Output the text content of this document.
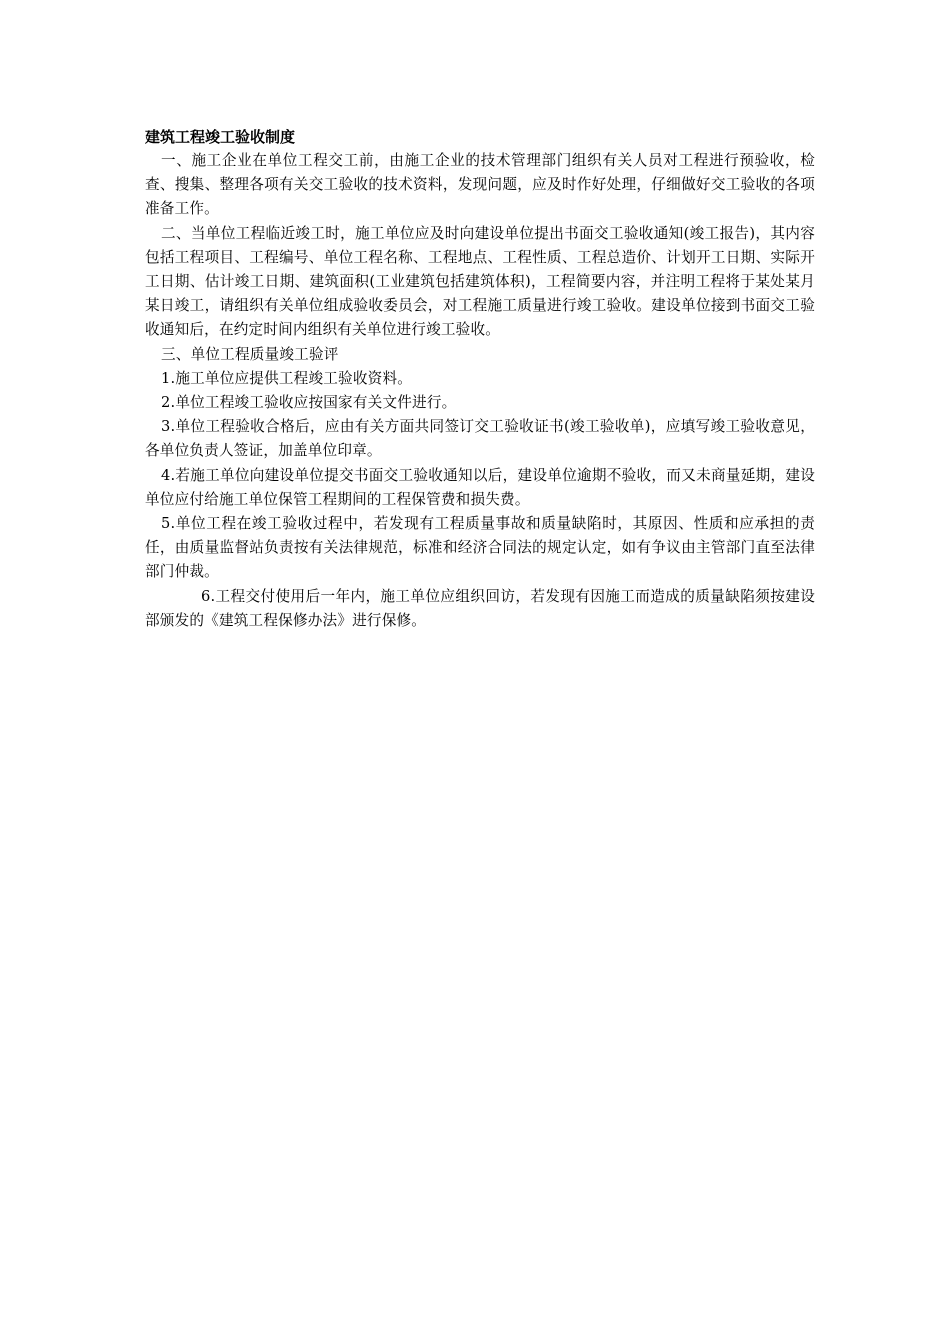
建筑工程竣工验收制度

一、施工企业在单位工程交工前，由施工企业的技术管理部门组织有关人员对工程进行预验收，检查、搜集、整理各项有关交工验收的技术资料，发现问题，应及时作好处理，仔细做好交工验收的各项准备工作。

二、当单位工程临近竣工时，施工单位应及时向建设单位提出书面交工验收通知(竣工报告)，其内容包括工程项目、工程编号、单位工程名称、工程地点、工程性质、工程总造价、计划开工日期、实际开工日期、估计竣工日期、建筑面积(工业建筑包括建筑体积)，工程简要内容，并注明工程将于某处某月某日竣工，请组织有关单位组成验收委员会，对工程施工质量进行竣工验收。建设单位接到书面交工验收通知后，在约定时间内组织有关单位进行竣工验收。

三、单位工程质量竣工验评

1.施工单位应提供工程竣工验收资料。

2.单位工程竣工验收应按国家有关文件进行。

3.单位工程验收合格后，应由有关方面共同签订交工验收证书(竣工验收单)，应填写竣工验收意见，各单位负责人签证，加盖单位印章。

4.若施工单位向建设单位提交书面交工验收通知以后，建设单位逾期不验收，而又未商量延期，建设单位应付给施工单位保管工程期间的工程保管费和损失费。

5.单位工程在竣工验收过程中，若发现有工程质量事故和质量缺陷时，其原因、性质和应承担的责任，由质量监督站负责按有关法律规范，标准和经济合同法的规定认定，如有争议由主管部门直至法律部门仲裁。

6.工程交付使用后一年内，施工单位应组织回访，若发现有因施工而造成的质量缺陷须按建设部颁发的《建筑工程保修办法》进行保修。
